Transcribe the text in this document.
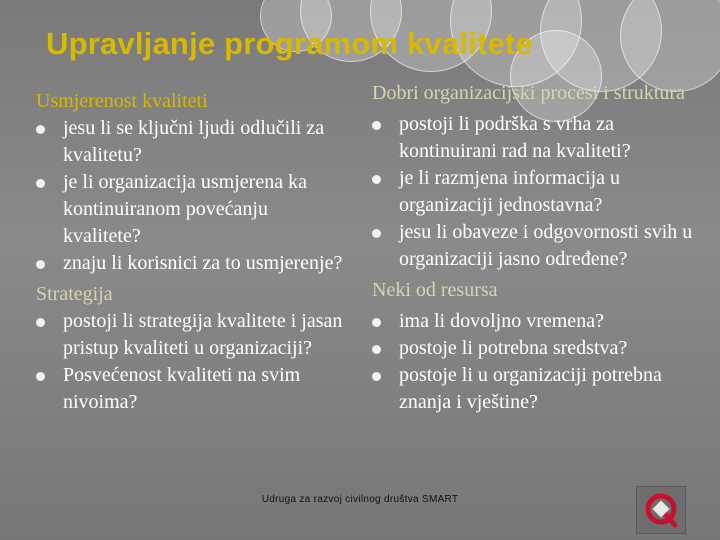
Upravljanje programom kvalitete
Usmjerenost kvaliteti

jesu li se ključni ljudi odlučili za kvalitetu?

je li organizacija usmjerena ka kontinuiranom povećanju kvalitete?

znaju li korisnici za to usmjerenje?

Strategija

postoji li strategija kvalitete i jasan pristup kvaliteti u organizaciji?

Posvećenost kvaliteti na svim nivoima?

Dobri organizacijski procesi i struktura

postoji li podrška s vrha za kontinuirani rad na kvaliteti?

je li razmjena informacija u organizaciji jednostavna?

jesu li obaveze i odgovornosti svih u organizaciji jasno određene?

Neki od resursa

ima li dovoljno vremena?

postoje li potrebna sredstva?

postoje li u organizaciji potrebna znanja i vještine?

Udruga za razvoj civilnog društva SMART
